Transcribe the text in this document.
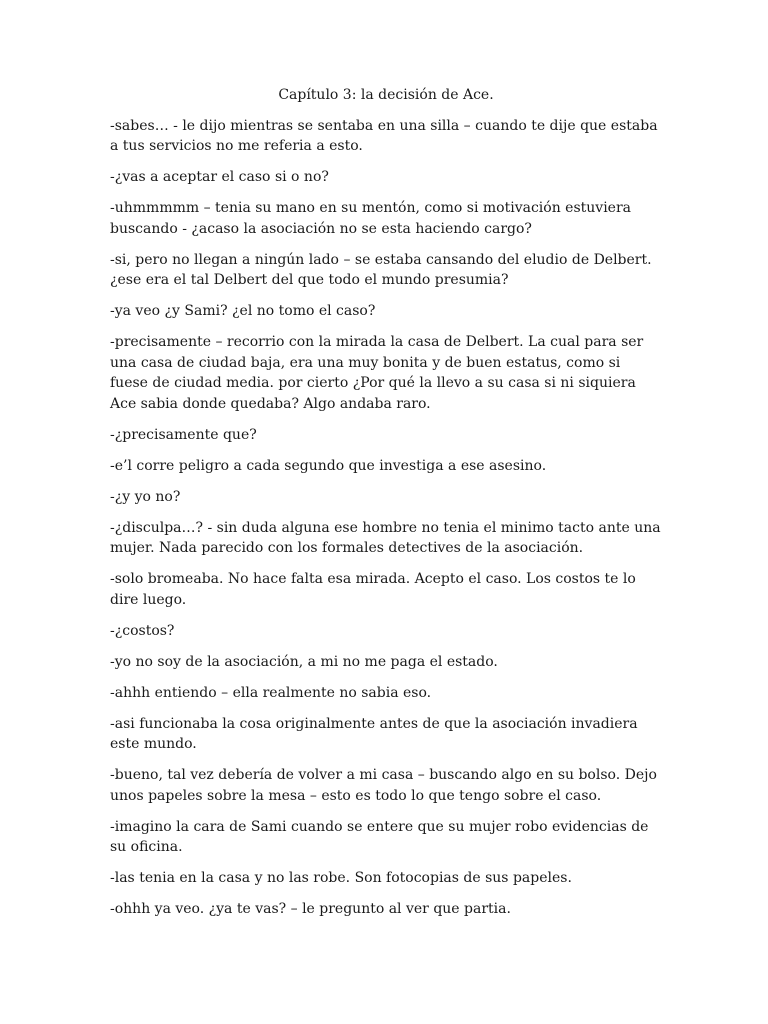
Capítulo 3: la decisión de Ace.

-sabes… - le dijo mientras se sentaba en una silla – cuando te dije que estaba a tus servicios no me referia a esto.

-¿vas a aceptar el caso si o no?

-uhmmmmm – tenia su mano en su mentón, como si motivación estuviera buscando - ¿acaso la asociación no se esta haciendo cargo?

-si, pero no llegan a ningún lado – se estaba cansando del eludio de Delbert. ¿ese era el tal Delbert del que todo el mundo presumia?

-ya veo ¿y Sami? ¿el no tomo el caso?

-precisamente – recorrio con la mirada la casa de Delbert. La cual para ser una casa de ciudad baja, era una muy bonita y de buen estatus, como si fuese de ciudad media. por cierto ¿Por qué la llevo a su casa si ni siquiera Ace sabia donde quedaba? Algo andaba raro.

-¿precisamente que?

-e’l corre peligro a cada segundo que investiga a ese asesino.

-¿y yo no?

-¿disculpa…? - sin duda alguna ese hombre no tenia el minimo tacto ante una mujer. Nada parecido con los formales detectives de la asociación.

-solo bromeaba. No hace falta esa mirada. Acepto el caso. Los costos te lo dire luego.

-¿costos?

-yo no soy de la asociación, a mi no me paga el estado.

-ahhh entiendo – ella realmente no sabia eso.

-asi funcionaba la cosa originalmente antes de que la asociación invadiera este mundo.

-bueno, tal vez debería de volver a mi casa – buscando algo en su bolso. Dejo unos papeles sobre la mesa – esto es todo lo que tengo sobre el caso.

-imagino la cara de Sami cuando se entere que su mujer robo evidencias de su oficina.

-las tenia en la casa y no las robe. Son fotocopias de sus papeles.

-ohhh ya veo. ¿ya te vas? – le pregunto al ver que partia.
